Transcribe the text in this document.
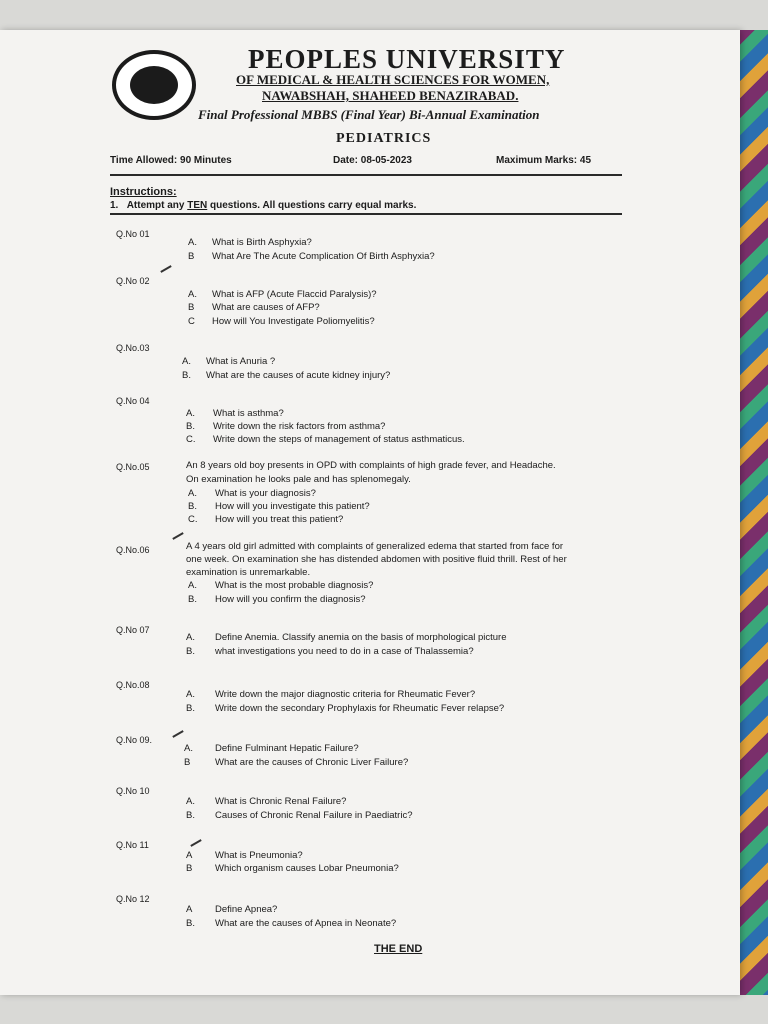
PEOPLES UNIVERSITY
OF MEDICAL & HEALTH SCIENCES FOR WOMEN,
NAWABSHAH, SHAHEED BENAZIRABAD.
Final Professional MBBS (Final Year) Bi-Annual Examination
PEDIATRICS
Time Allowed: 90 Minutes	Date: 08-05-2023	Maximum Marks: 45
Instructions:
1. Attempt any TEN questions. All questions carry equal marks.
Q.No 01
A. What is Birth Asphyxia?
B What Are The Acute Complication Of Birth Asphyxia?
Q.No 02
A. What is AFP (Acute Flaccid Paralysis)?
B What are causes of AFP?
C How will You Investigate Poliomyelitis?
Q.No.03
A. What is Anuria ?
B. What are the causes of acute kidney injury?
Q.No 04
A. What is asthma?
B. Write down the risk factors from asthma?
C. Write down the steps of management of status asthmaticus.
Q.No.05	An 8 years old boy presents in OPD with complaints of high grade fever, and Headache.
On examination he looks pale and has splenomegaly.
A. What is your diagnosis?
B. How will you investigate this patient?
C. How will you treat this patient?
Q.No.06	A 4 years old girl admitted with complaints of generalized edema that started from face for
one week. On examination she has distended abdomen with positive fluid thrill. Rest of her
examination is unremarkable.
A. What is the most probable diagnosis?
B. How will you confirm the diagnosis?
Q.No 07
A. Define Anemia. Classify anemia on the basis of morphological picture
B. what investigations you need to do in a case of Thalassemia?
Q.No.08
A. Write down the major diagnostic criteria for Rheumatic Fever?
B. Write down the secondary Prophylaxis for Rheumatic Fever relapse?
Q.No 09.
A. Define Fulminant Hepatic Failure?
B	What are the causes of Chronic Liver Failure?
Q.No 10
A. What is Chronic Renal Failure?
B. Causes of Chronic Renal Failure in Paediatric?
Q.No 11
A What is Pneumonia?
B Which organism causes Lobar Pneumonia?
Q.No 12
A Define Apnea?
B. What are the causes of Apnea in Neonate?
THE END
